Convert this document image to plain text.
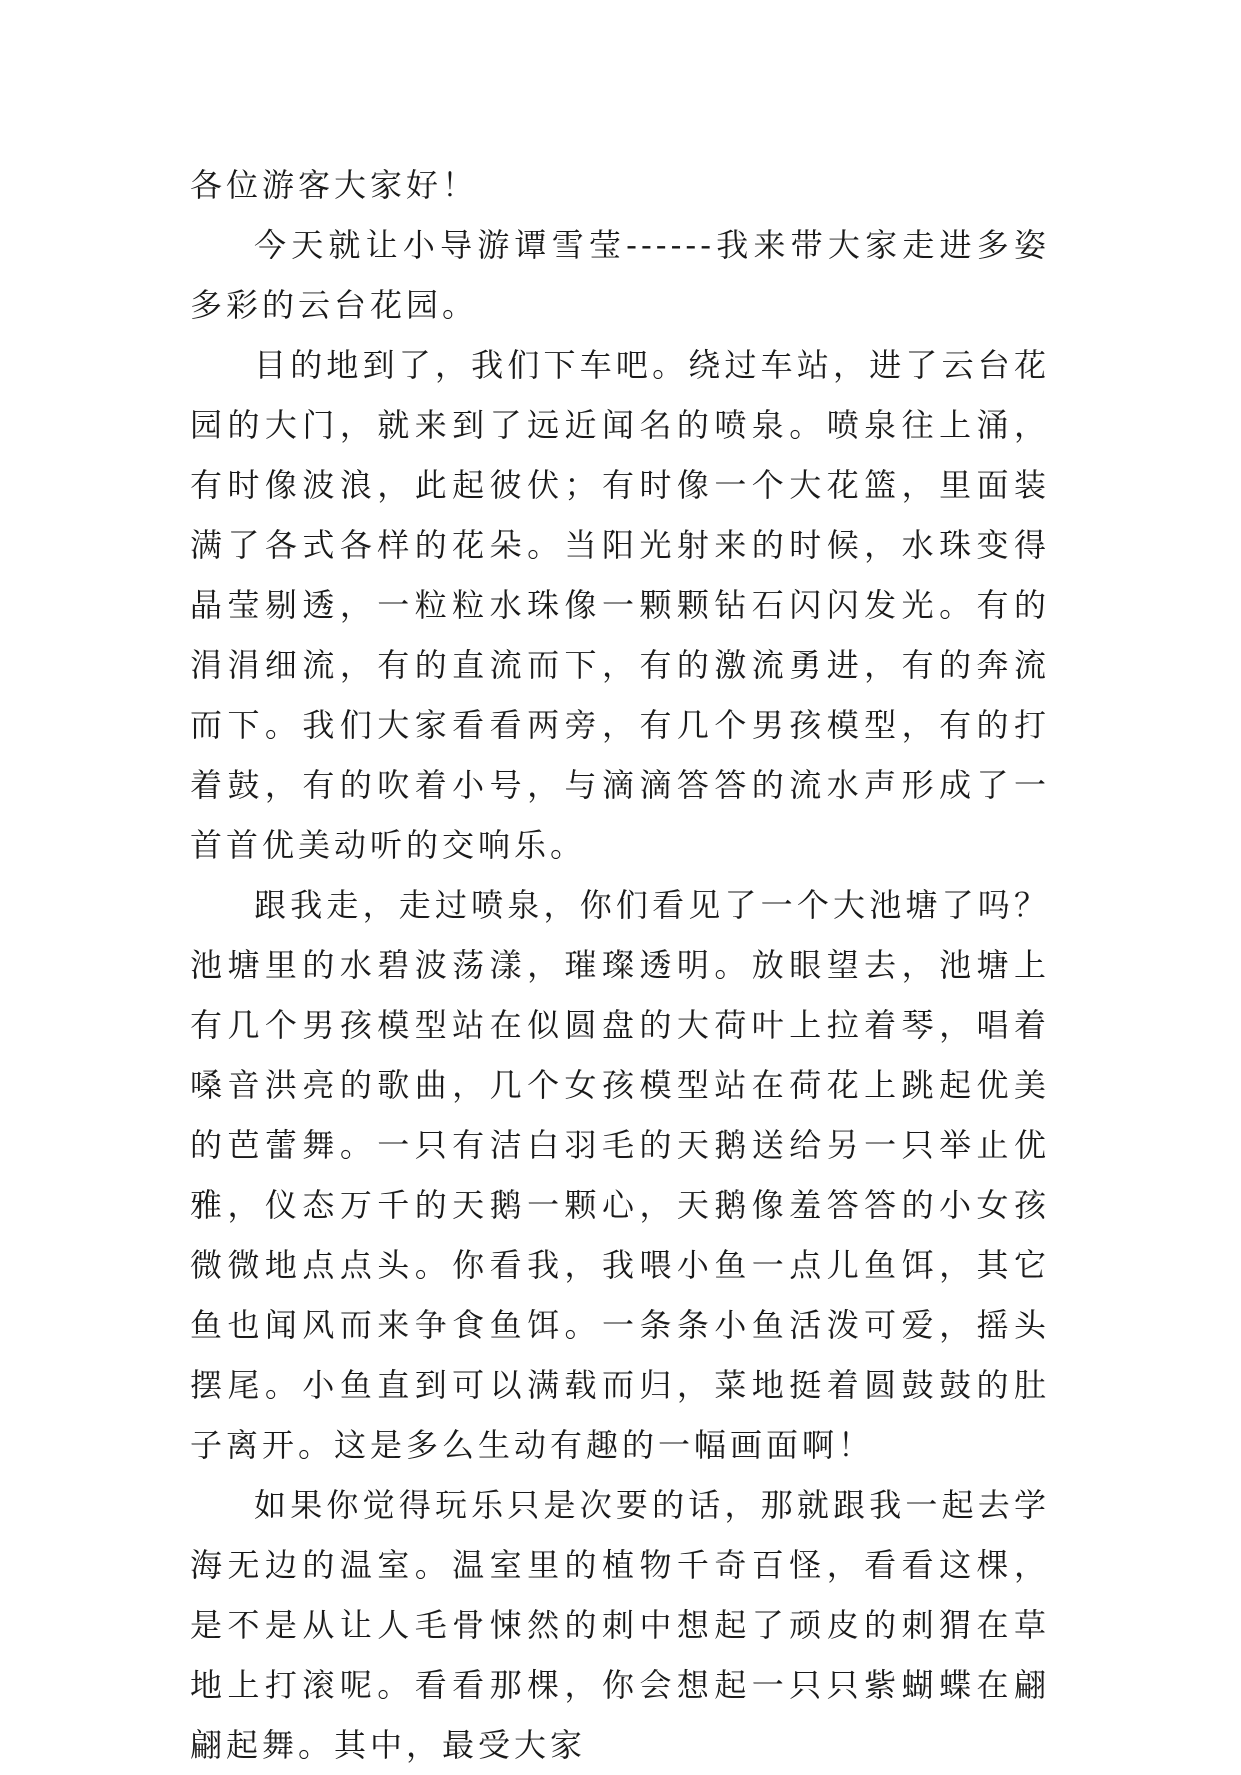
各位游客大家好！

今天就让小导游谭雪莹------我来带大家走进多姿多彩的云台花园。

目的地到了，我们下车吧。绕过车站，进了云台花园的大门，就来到了远近闻名的喷泉。喷泉往上涌，有时像波浪，此起彼伏；有时像一个大花篮，里面装满了各式各样的花朵。当阳光射来的时候，水珠变得晶莹剔透，一粒粒水珠像一颗颗钻石闪闪发光。有的涓涓细流，有的直流而下，有的激流勇进，有的奔流而下。我们大家看看两旁，有几个男孩模型，有的打着鼓，有的吹着小号，与滴滴答答的流水声形成了一首首优美动听的交响乐。

跟我走，走过喷泉，你们看见了一个大池塘了吗？池塘里的水碧波荡漾，璀璨透明。放眼望去，池塘上有几个男孩模型站在似圆盘的大荷叶上拉着琴，唱着嗓音洪亮的歌曲，几个女孩模型站在荷花上跳起优美的芭蕾舞。一只有洁白羽毛的天鹅送给另一只举止优雅，仪态万千的天鹅一颗心，天鹅像羞答答的小女孩微微地点点头。你看我，我喂小鱼一点儿鱼饵，其它鱼也闻风而来争食鱼饵。一条条小鱼活泼可爱，摇头摆尾。小鱼直到可以满载而归，菜地挺着圆鼓鼓的肚子离开。这是多么生动有趣的一幅画面啊！

如果你觉得玩乐只是次要的话，那就跟我一起去学海无边的温室。温室里的植物千奇百怪，看看这棵，是不是从让人毛骨悚然的刺中想起了顽皮的刺猬在草地上打滚呢。看看那棵，你会想起一只只紫蝴蝶在翩翩起舞。其中，最受大家
